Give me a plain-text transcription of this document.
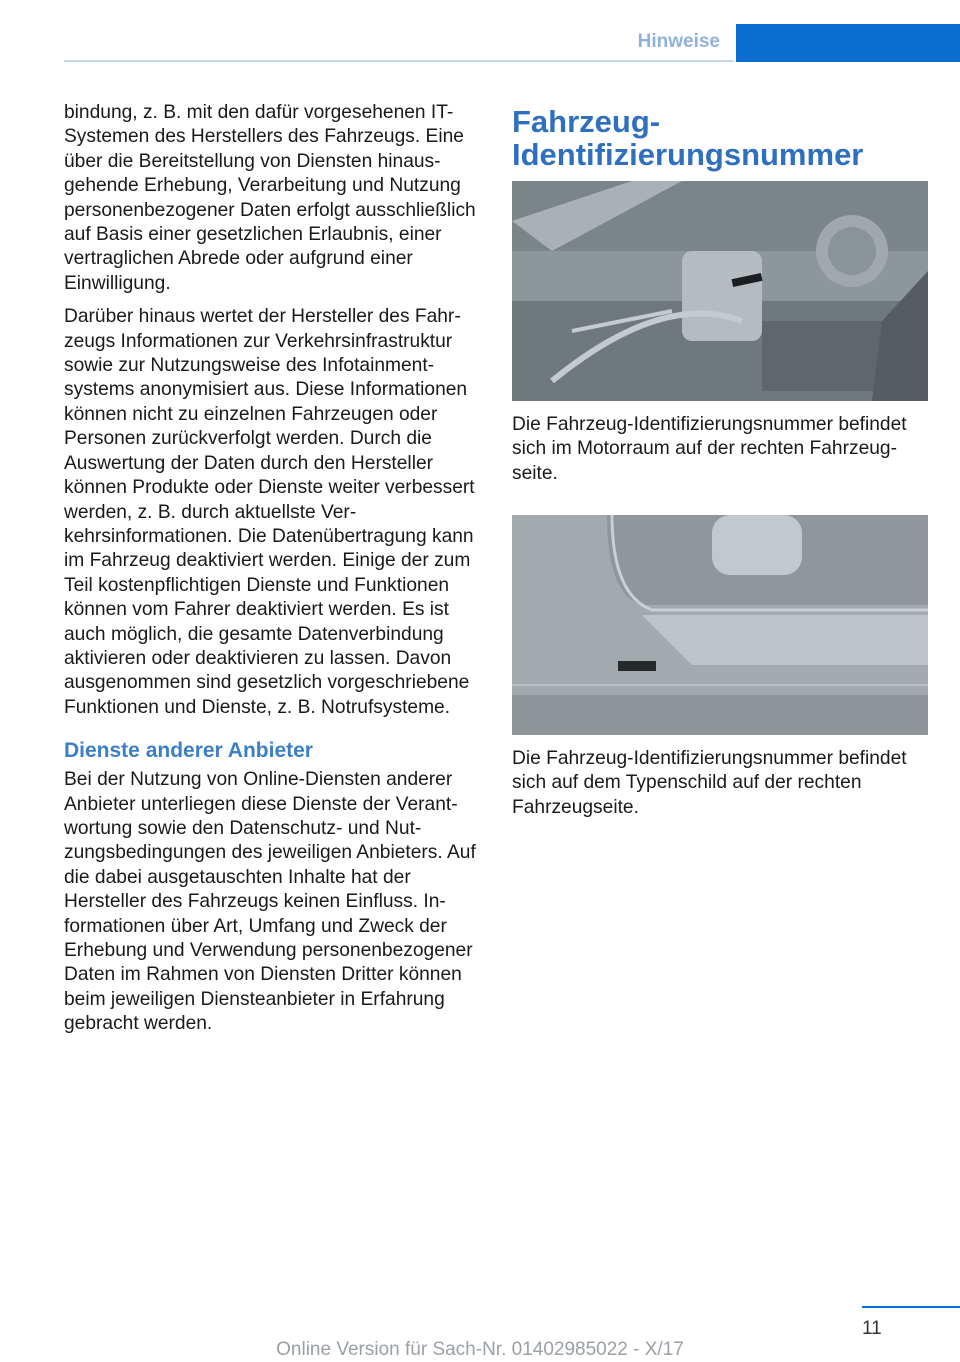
Hinweise

bindung, z. B. mit den dafür vorgesehenen IT-Systemen des Herstellers des Fahrzeugs. Eine über die Bereitstellung von Diensten hinausgehende Erhebung, Verarbeitung und Nutzung personenbezogener Daten erfolgt ausschließlich auf Basis einer gesetzlichen Erlaubnis, einer vertraglichen Abrede oder aufgrund einer Einwilligung.

Darüber hinaus wertet der Hersteller des Fahrzeugs Informationen zur Verkehrsinfrastruktur sowie zur Nutzungsweise des Infotainmentsystems anonymisiert aus. Diese Informationen können nicht zu einzelnen Fahrzeugen oder Personen zurückverfolgt werden. Durch die Auswertung der Daten durch den Hersteller können Produkte oder Dienste weiter verbessert werden, z. B. durch aktuellste Verkehrsinformationen. Die Datenübertragung kann im Fahrzeug deaktiviert werden. Einige der zum Teil kostenpflichtigen Dienste und Funktionen können vom Fahrer deaktiviert werden. Es ist auch möglich, die gesamte Datenverbindung aktivieren oder deaktivieren zu lassen. Davon ausgenommen sind gesetzlich vorgeschriebene Funktionen und Dienste, z. B. Notrufsysteme.

Dienste anderer Anbieter

Bei der Nutzung von Online-Diensten anderer Anbieter unterliegen diese Dienste der Verantwortung sowie den Datenschutz- und Nutzungsbedingungen des jeweiligen Anbieters. Auf die dabei ausgetauschten Inhalte hat der Hersteller des Fahrzeugs keinen Einfluss. Informationen über Art, Umfang und Zweck der Erhebung und Verwendung personenbezogener Daten im Rahmen von Diensten Dritter können beim jeweiligen Diensteanbieter in Erfahrung gebracht werden.

Fahrzeug-Identifizierungsnummer
Die Fahrzeug-Identifizierungsnummer befindet sich im Motorraum auf der rechten Fahrzeugseite.
Die Fahrzeug-Identifizierungsnummer befindet sich auf dem Typenschild auf der rechten Fahrzeugseite.
11
Online Version für Sach-Nr. 01402985022 - X/17
